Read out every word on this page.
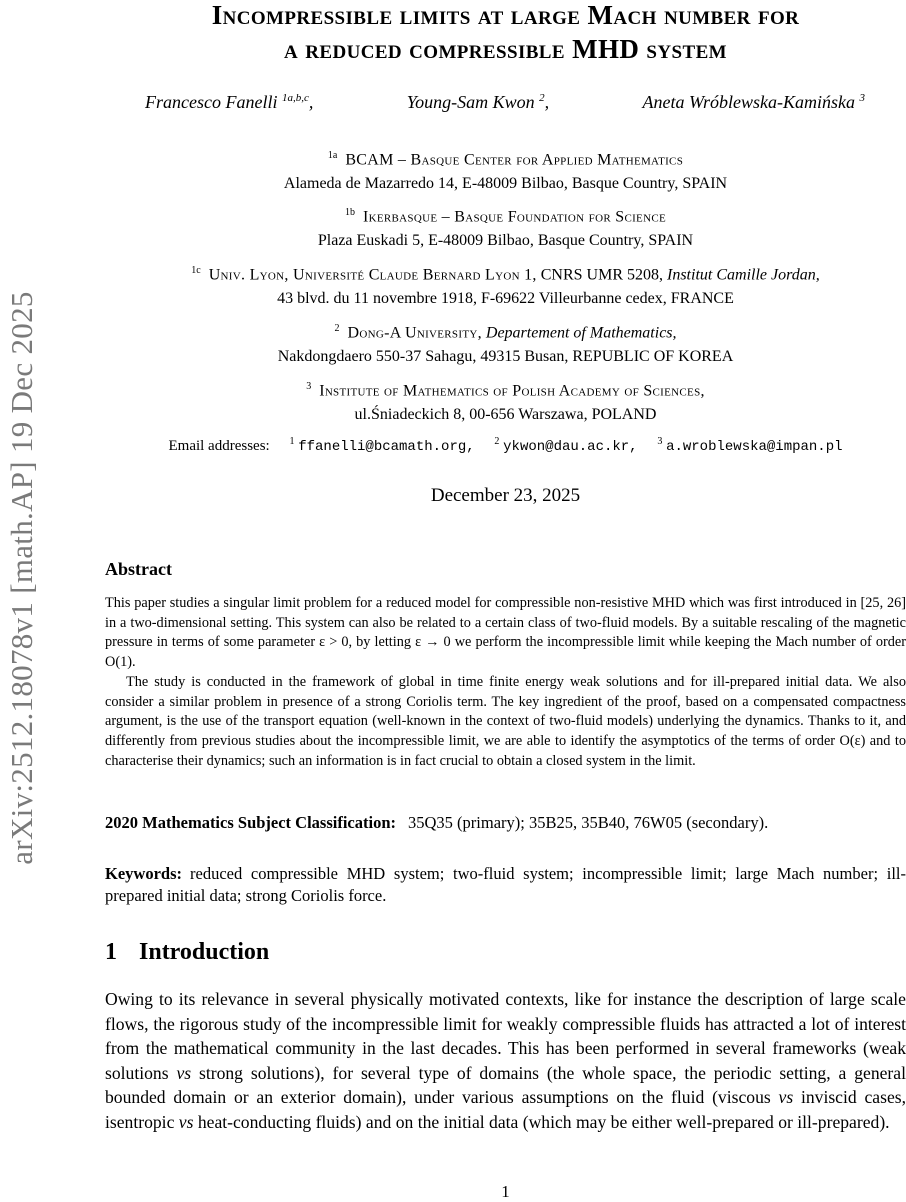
arXiv:2512.18078v1 [math.AP] 19 Dec 2025
Incompressible limits at large Mach number for
a reduced compressible MHD system
Francesco Fanelli $^{1a,b,c}$,	Young-Sam Kwon $^2$,	Aneta Wróblewska-Kamińska $^3$
$^{1a}$ BCAM – Basque Center for Applied Mathematics
Alameda de Mazarredo 14, E-48009 Bilbao, Basque Country, SPAIN
$^{1b}$ Ikerbasque – Basque Foundation for Science
Plaza Euskadi 5, E-48009 Bilbao, Basque Country, SPAIN
$^{1c}$ Univ. Lyon, Université Claude Bernard Lyon 1, CNRS UMR 5208, Institut Camille Jordan,
43 blvd. du 11 novembre 1918, F-69622 Villeurbanne cedex, FRANCE
$^2$ Dong-A University, Departement of Mathematics,
Nakdongdaero 550-37 Sahagu, 49315 Busan, REPUBLIC OF KOREA
$^3$ Institute of Mathematics of Polish Academy of Sciences,
ul.Śniadeckich 8, 00-656 Warszawa, POLAND
Email addresses: $^1$ ffanelli@bcamath.org, $^2$ ykwon@dau.ac.kr, $^3$ a.wroblewska@impan.pl
December 23, 2025
Abstract

This paper studies a singular limit problem for a reduced model for compressible non-resistive MHD which was first introduced in [25, 26] in a two-dimensional setting. This system can also be related to a certain class of two-fluid models. By a suitable rescaling of the magnetic pressure in terms of some parameter ε > 0, by letting ε → 0 we perform the incompressible limit while keeping the Mach number of order O(1).

The study is conducted in the framework of global in time finite energy weak solutions and for ill-prepared initial data. We also consider a similar problem in presence of a strong Coriolis term. The key ingredient of the proof, based on a compensated compactness argument, is the use of the transport equation (well-known in the context of two-fluid models) underlying the dynamics. Thanks to it, and differently from previous studies about the incompressible limit, we are able to identify the asymptotics of the terms of order O(ε) and to characterise their dynamics; such an information is in fact crucial to obtain a closed system in the limit.

2020 Mathematics Subject Classification: 35Q35 (primary); 35B25, 35B40, 76W05 (secondary).
Keywords: reduced compressible MHD system; two-fluid system; incompressible limit; large Mach number; ill-prepared initial data; strong Coriolis force.
1 Introduction
Owing to its relevance in several physically motivated contexts, like for instance the description of large scale flows, the rigorous study of the incompressible limit for weakly compressible fluids has attracted a lot of interest from the mathematical community in the last decades. This has been performed in several frameworks (weak solutions vs strong solutions), for several type of domains (the whole space, the periodic setting, a general bounded domain or an exterior domain), under various assumptions on the fluid (viscous vs inviscid cases, isentropic vs heat-conducting fluids) and on the initial data (which may be either well-prepared or ill-prepared).
1
